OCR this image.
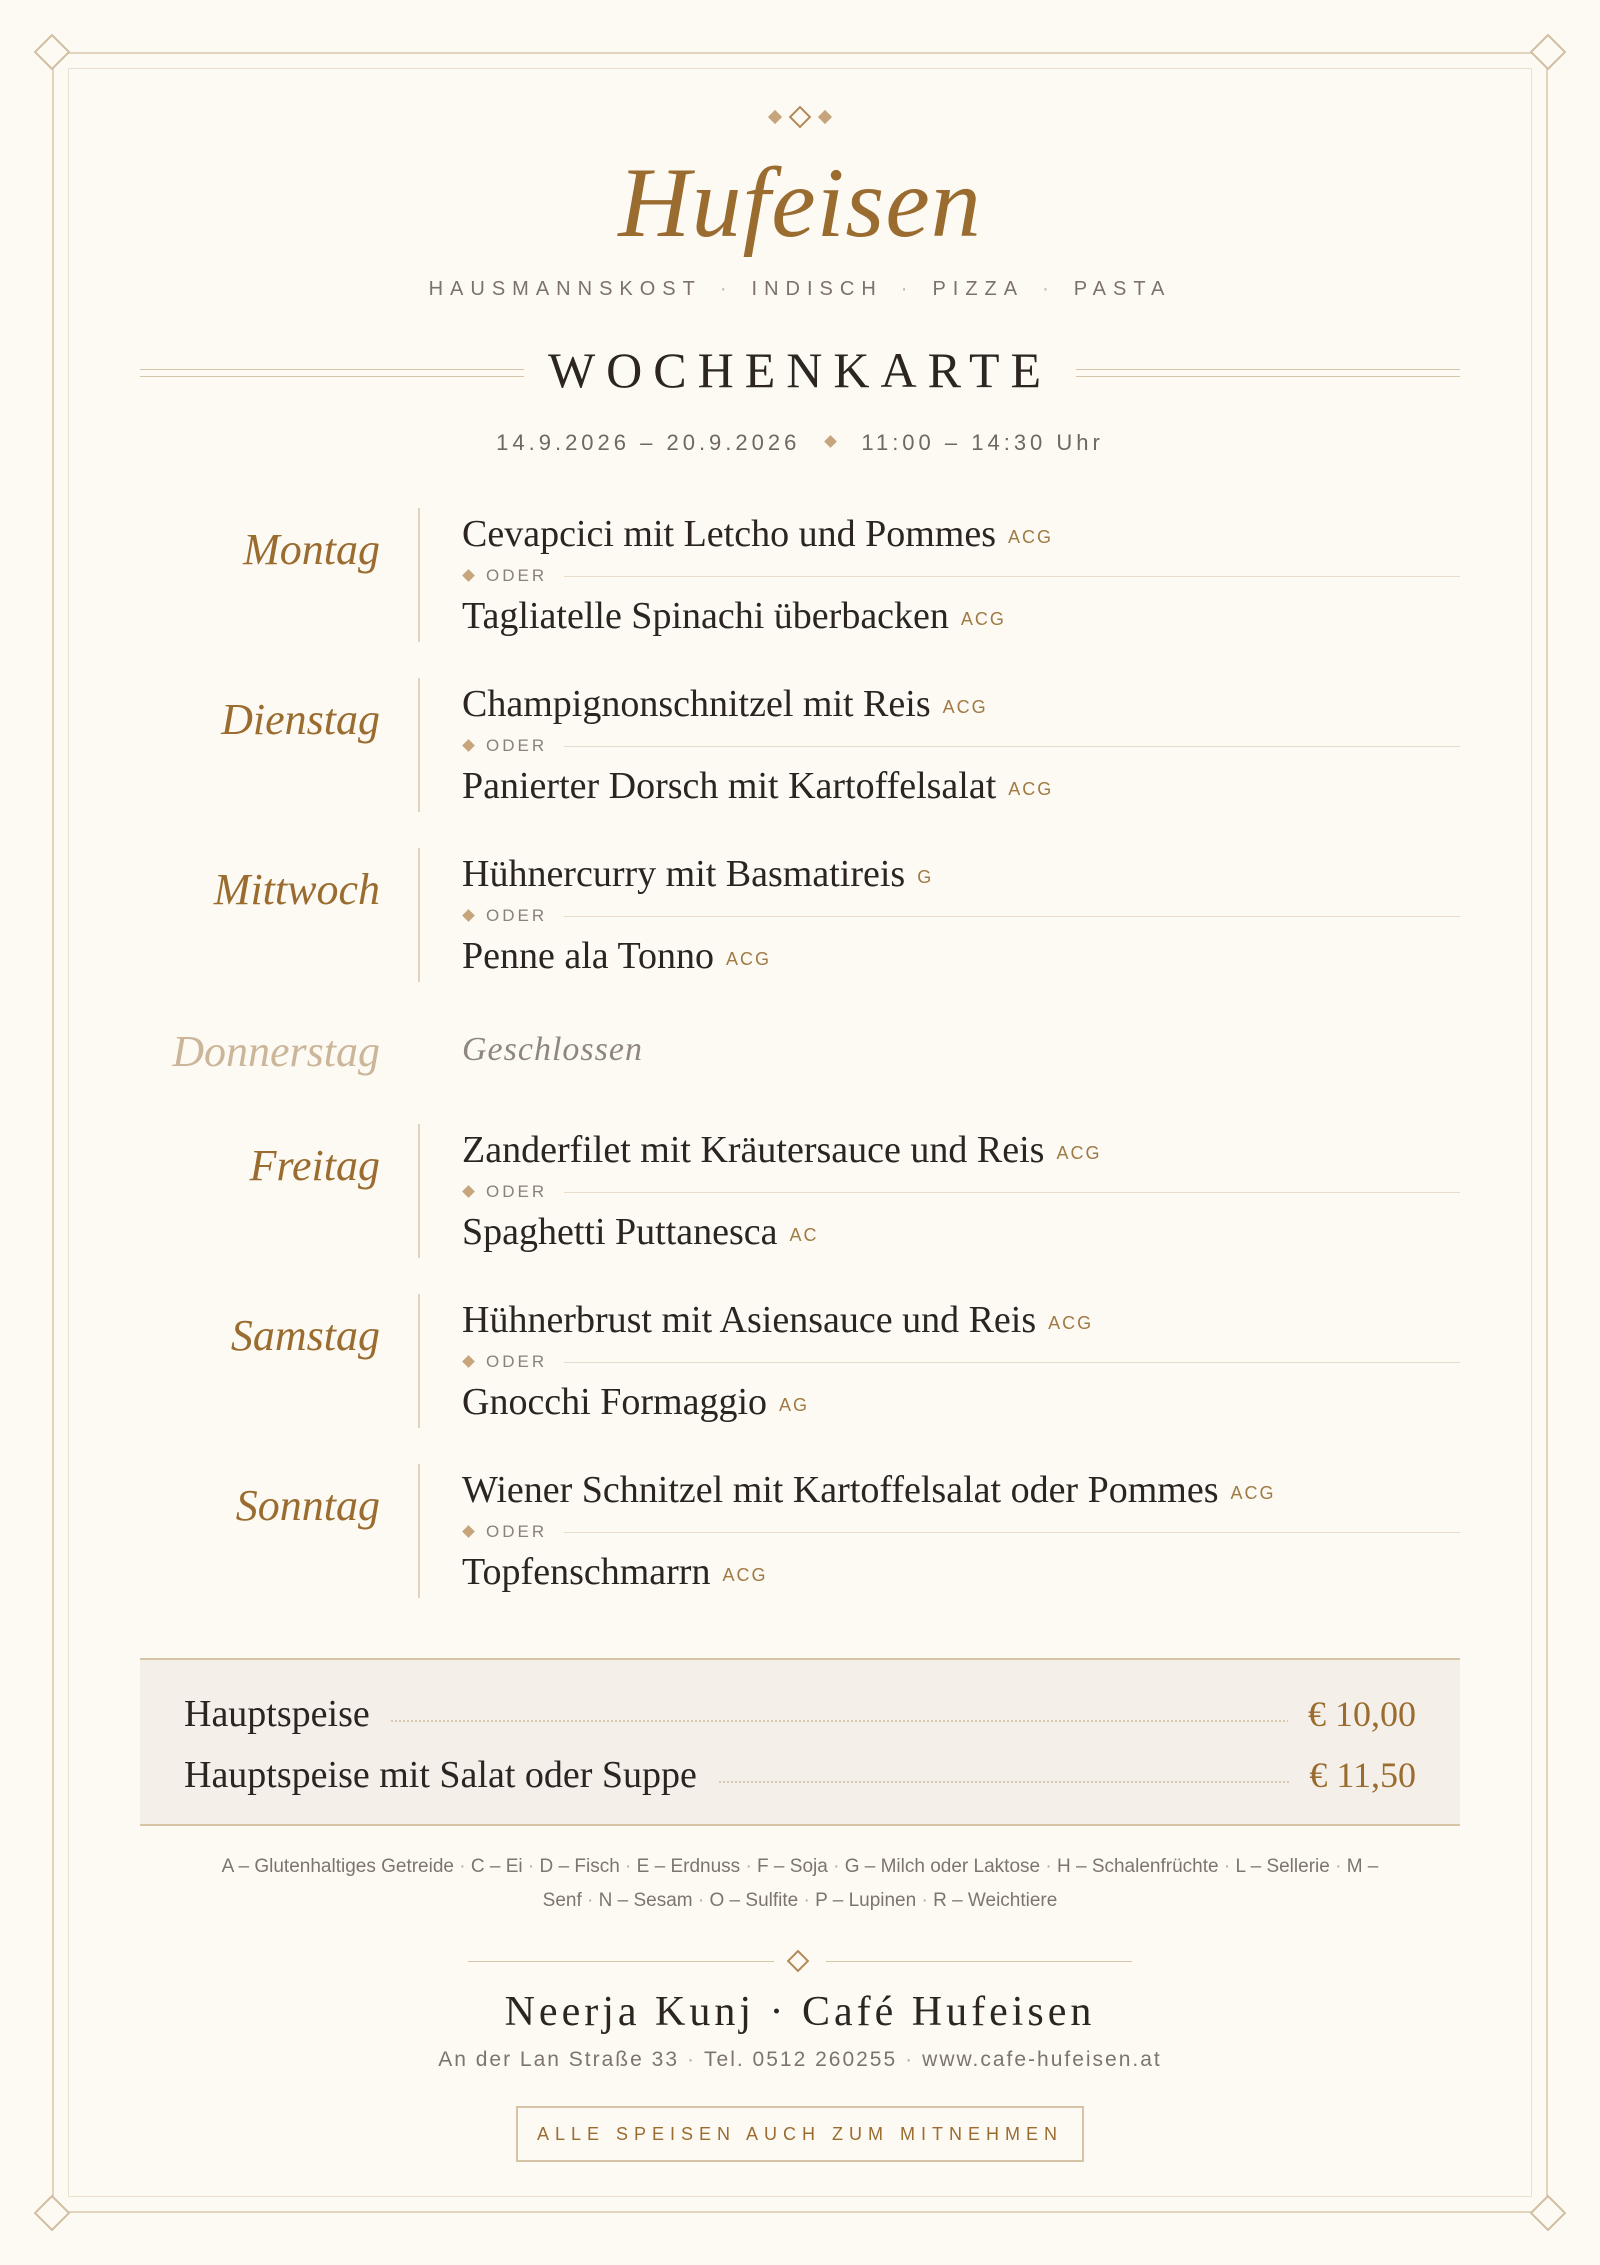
Hufeisen
HAUSMANNSKOST · INDISCH · PIZZA · PASTA
WOCHENKARTE
14.9.2026 – 20.9.2026	11:00 – 14:30 Uhr
Montag Cevapcici mit Letcho und Pommes ACG
ODER
Tagliatelle Spinachi überbacken ACG
Dienstag Champignonschnitzel mit Reis ACG
ODER
Panierter Dorsch mit Kartoffelsalat ACG
Mittwoch Hühnercurry mit Basmatireis G
ODER
Penne ala Tonno ACG
Donnerstag Geschlossen
Freitag Zanderfilet mit Kräutersauce und Reis ACG
ODER
Spaghetti Puttanesca AC
Samstag Hühnerbrust mit Asiensauce und Reis ACG
ODER
Gnocchi Formaggio AG
Sonntag Wiener Schnitzel mit Kartoffelsalat oder Pommes ACG
ODER
Topfenschmarrn ACG
Hauptspeise	€ 10,00
Hauptspeise mit Salat oder Suppe	€ 11,50
A – Glutenhaltiges Getreide · C – Ei · D – Fisch · E – Erdnuss · F – Soja · G – Milch oder Laktose · H – Schalenfrüchte · L – Sellerie · M –
Senf · N – Sesam · O – Sulfite · P – Lupinen · R – Weichtiere
Neerja Kunj · Café Hufeisen
An der Lan Straße 33 · Tel. 0512 260255 · www.cafe-hufeisen.at
ALLE SPEISEN AUCH ZUM MITNEHMEN
